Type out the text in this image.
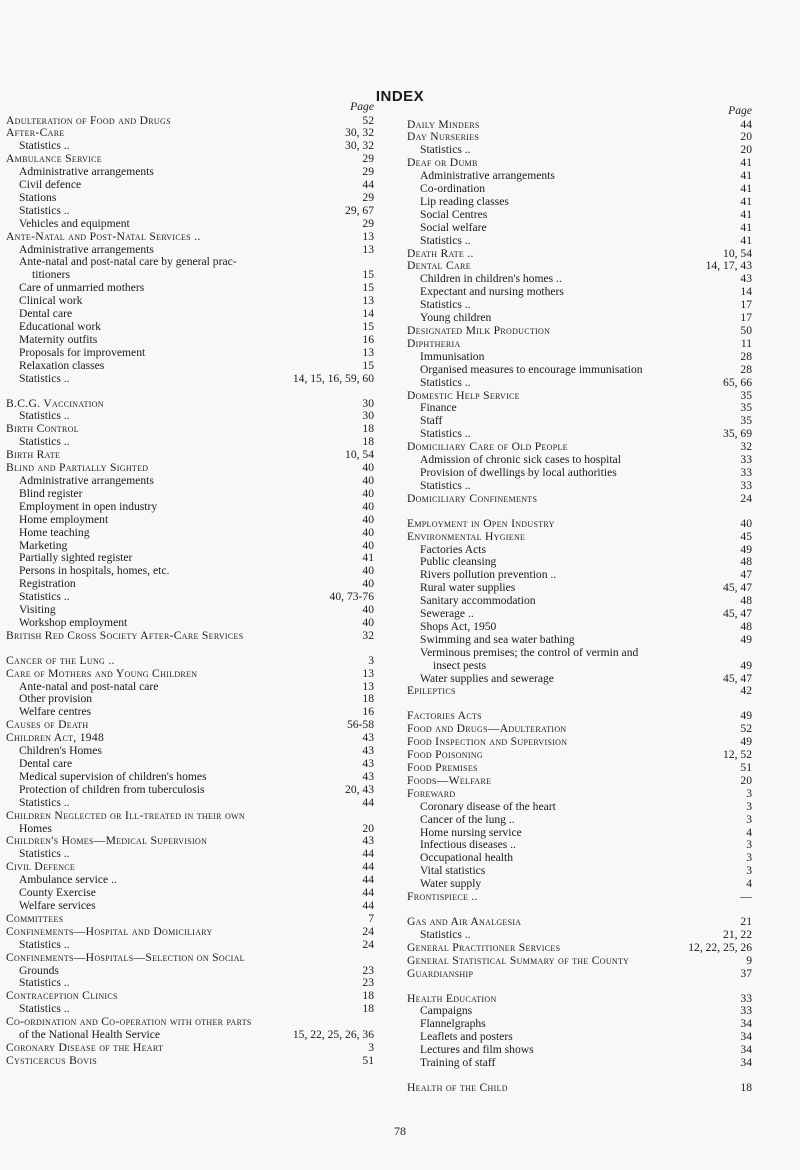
INDEX
Page
Adulteration of Food and Drugs	52
After-Care	30, 32
Statistics ..	30, 32
Ambulance Service	29
Administrative arrangements	29
Civil defence	44
Stations	29
Statistics ..	29, 67
Vehicles and equipment	29
Ante-Natal and Post-Natal Services ..	13
Administrative arrangements	13
Ante-natal and post-natal care by general prac-
titioners	15
Care of unmarried mothers	15
Clinical work	13
Dental care	14
Educational work	15
Maternity outfits	16
Proposals for improvement	13
Relaxation classes	15
Statistics ..	14, 15, 16, 59, 60
B.C.G. Vaccination	30
Statistics ..	30
Birth Control	18
Statistics ..	18
Birth Rate	10, 54
Blind and Partially Sighted	40
Administrative arrangements	40
Blind register	40
Employment in open industry	40
Home employment	40
Home teaching	40
Marketing	40
Partially sighted register	41
Persons in hospitals, homes, etc.	40
Registration	40
Statistics ..	40, 73-76
Visiting	40
Workshop employment	40
British Red Cross Society After-Care Services	32
Cancer of the Lung ..	3
Care of Mothers and Young Children	13
Ante-natal and post-natal care	13
Other provision	18
Welfare centres	16
Causes of Death	56-58
Children Act, 1948	43
Children's Homes	43
Dental care	43
Medical supervision of children's homes	43
Protection of children from tuberculosis	20, 43
Statistics ..	44
Children Neglected or Ill-treated in their own
Homes	20
Children's Homes—Medical Supervision	43
Statistics ..	44
Civil Defence	44
Ambulance service ..	44
County Exercise	44
Welfare services	44
Committees	7
Confinements—Hospital and Domiciliary	24
Statistics ..	24
Confinements—Hospitals—Selection on Social
Grounds	23
Statistics ..	23
Contraception Clinics	18
Statistics ..	18
Co-ordination and Co-operation with other parts
of the National Health Service	15, 22, 25, 26, 36
Coronary Disease of the Heart	3
Cysticercus Bovis	51
Page
Daily Minders	44
Day Nurseries	20
Statistics ..	20
Deaf or Dumb	41
Administrative arrangements	41
Co-ordination	41
Lip reading classes	41
Social Centres	41
Social welfare	41
Statistics ..	41
Death Rate ..	10, 54
Dental Care	14, 17, 43
Children in children's homes ..	43
Expectant and nursing mothers	14
Statistics ..	17
Young children	17
Designated Milk Production	50
Diphtheria	11
Immunisation	28
Organised measures to encourage immunisation	28
Statistics ..	65, 66
Domestic Help Service	35
Finance	35
Staff	35
Statistics ..	35, 69
Domiciliary Care of Old People	32
Admission of chronic sick cases to hospital	33
Provision of dwellings by local authorities	33
Statistics ..	33
Domiciliary Confinements	24
Employment in Open Industry	40
Environmental Hygiene	45
Factories Acts	49
Public cleansing	48
Rivers pollution prevention ..	47
Rural water supplies	45, 47
Sanitary accommodation	48
Sewerage ..	45, 47
Shops Act, 1950	48
Swimming and sea water bathing	49
Verminous premises; the control of vermin and
insect pests	49
Water supplies and sewerage	45, 47
Epileptics	42
Factories Acts	49
Food and Drugs—Adulteration	52
Food Inspection and Supervision	49
Food Poisoning	12, 52
Food Premises	51
Foods—Welfare	20
Foreward	3
Coronary disease of the heart	3
Cancer of the lung ..	3
Home nursing service	4
Infectious diseases ..	3
Occupational health	3
Vital statistics	3
Water supply	4
Frontispiece ..	—
Gas and Air Analgesia	21
Statistics ..	21, 22
General Practitioner Services	12, 22, 25, 26
General Statistical Summary of the County	9
Guardianship	37
Health Education	33
Campaigns	33
Flannelgraphs	34
Leaflets and posters	34
Lectures and film shows	34
Training of staff	34
Health of the Child	18
78
